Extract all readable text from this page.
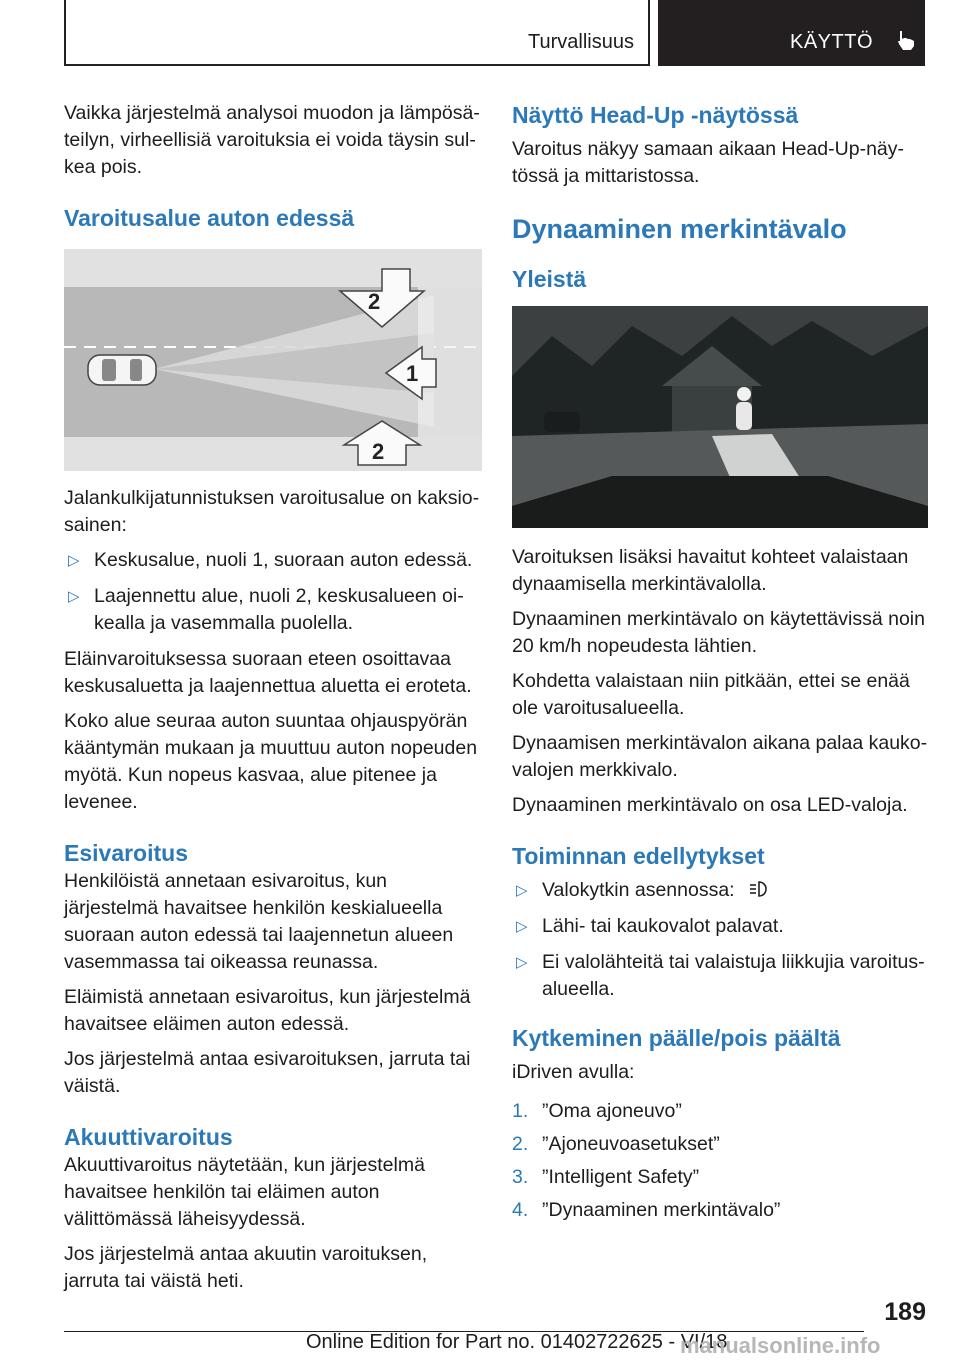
Turvallisuus	KÄYTTÖ

Vaikka järjestelmä analysoi muodon ja lämpösäteilyn, virheellisiä varoituksia ei voida täysin sulkea pois.

Varoitusalue auton edessä
2
1
2

Jalankulkijatunnistuksen varoitusalue on kaksiosainen:

▷ Keskusalue, nuoli 1, suoraan auton edessä.
▷ Laajennettu alue, nuoli 2, keskusalueen oikealla ja vasemmalla puolella.

Eläinvaroituksessa suoraan eteen osoittavaa keskusaluetta ja laajennettua aluetta ei eroteta.

Koko alue seuraa auton suuntaa ohjauspyörän kääntymän mukaan ja muuttuu auton nopeuden myötä. Kun nopeus kasvaa, alue pitenee ja levenee.

Esivaroitus

Henkilöistä annetaan esivaroitus, kun järjestelmä havaitsee henkilön keskialueella suoraan auton edessä tai laajennetun alueen vasemmassa tai oikeassa reunassa.

Eläimistä annetaan esivaroitus, kun järjestelmä havaitsee eläimen auton edessä.

Jos järjestelmä antaa esivaroituksen, jarruta tai väistä.

Akuuttivaroitus

Akuuttivaroitus näytetään, kun järjestelmä havaitsee henkilön tai eläimen auton välittömässä läheisyydessä.

Jos järjestelmä antaa akuutin varoituksen, jarruta tai väistä heti.

Näyttö Head-Up -näytössä

Varoitus näkyy samaan aikaan Head-Up-näytössä ja mittaristossa.

Dynaaminen merkintävalo
Yleistä

Varoituksen lisäksi havaitut kohteet valaistaan dynaamisella merkintävalolla.

Dynaaminen merkintävalo on käytettävissä noin 20 km/h nopeudesta lähtien.

Kohdetta valaistaan niin pitkään, ettei se enää ole varoitusalueella.

Dynaamisen merkintävalon aikana palaa kaukovalojen merkkivalo.

Dynaaminen merkintävalo on osa LED-valoja.

Toiminnan edellytykset
▷ Valokytkin asennossa:
▷ Lähi- tai kaukovalot palavat.
▷ Ei valolähteitä tai valaistuja liikkujia varoitusalueella.
Kytkeminen päälle/pois päältä

iDriven avulla:

1. ”Oma ajoneuvo”
2. ”Ajoneuvoasetukset”
3. ”Intelligent Safety”
4. ”Dynaaminen merkintävalo”
189
Online Edition for Part no. 01402722625 - VI/18
manualsonline.info
